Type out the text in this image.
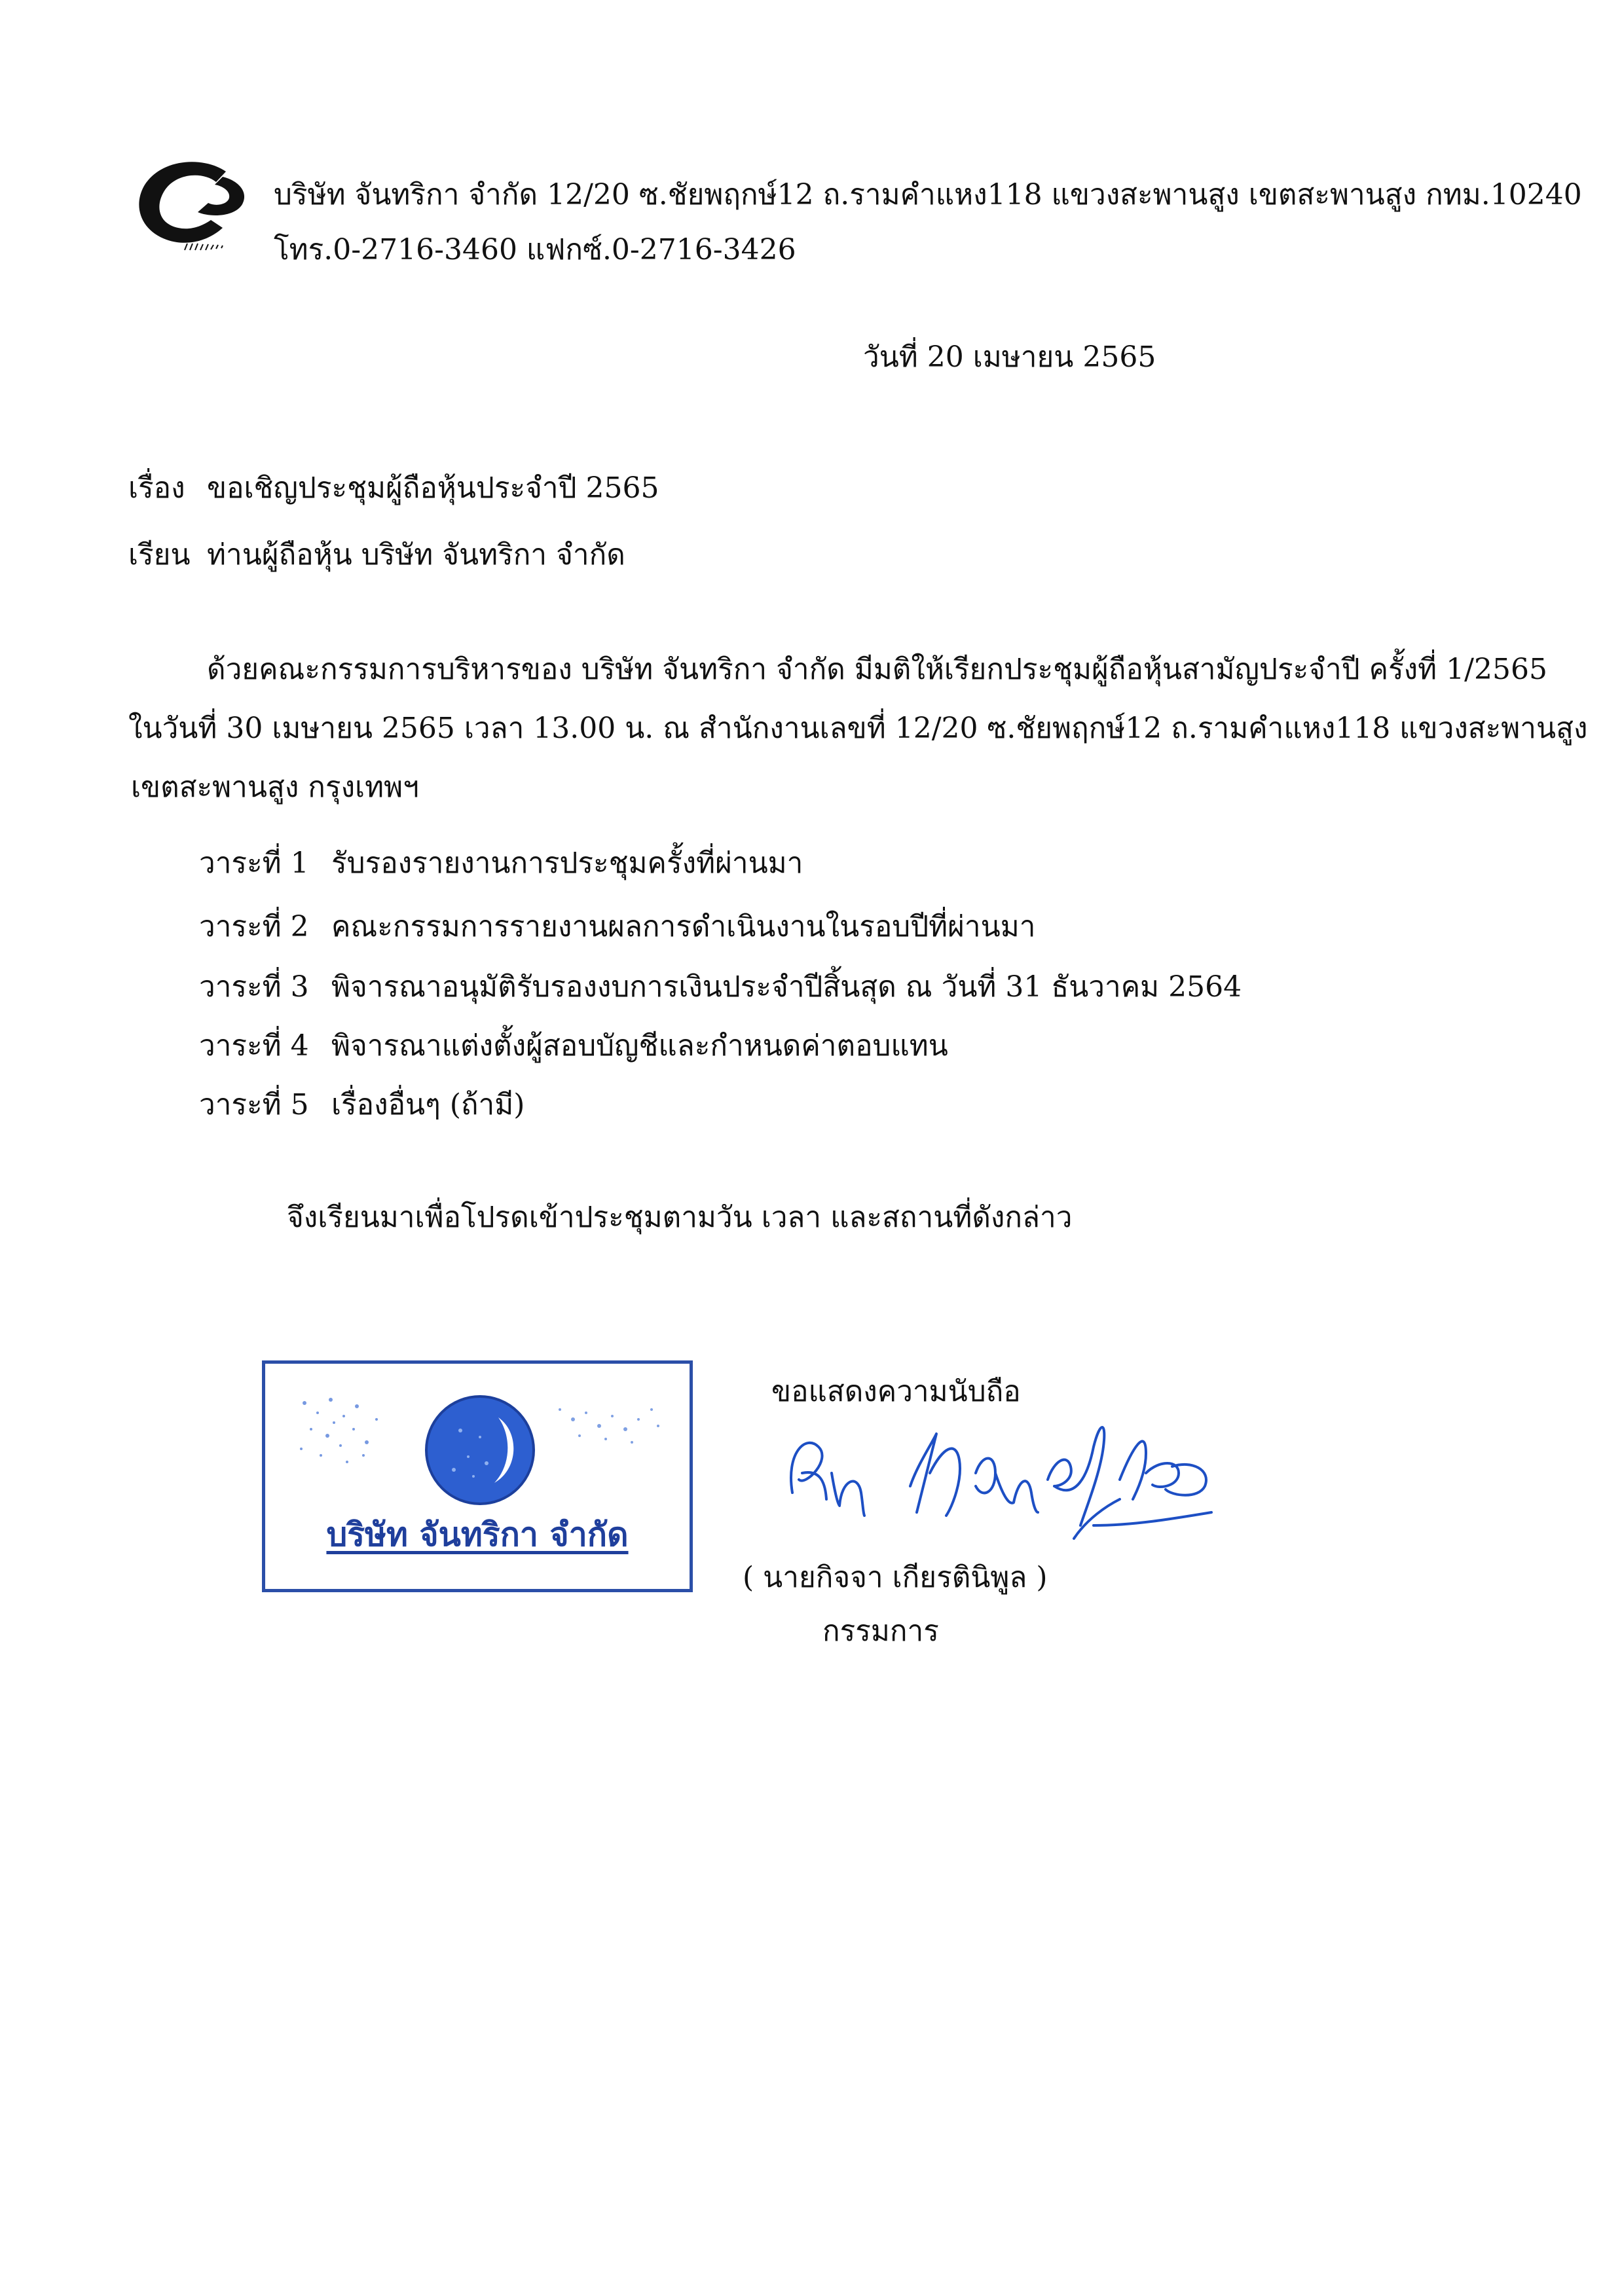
บริษัท จันทริกา จำกัด 12/20 ซ.ชัยพฤกษ์12 ถ.รามคำแหง118 แขวงสะพานสูง เขตสะพานสูง กทม.10240
โทร.0-2716-3460 แฟกซ์.0-2716-3426
วันที่ 20 เมษายน 2565
เรื่อง ขอเชิญประชุมผู้ถือหุ้นประจำปี 2565
เรียน ท่านผู้ถือหุ้น บริษัท จันทริกา จำกัด
ด้วยคณะกรรมการบริหารของ บริษัท จันทริกา จำกัด มีมติให้เรียกประชุมผู้ถือหุ้นสามัญประจำปี ครั้งที่ 1/2565
ในวันที่ 30 เมษายน 2565 เวลา 13.00 น. ณ สำนักงานเลขที่ 12/20 ซ.ชัยพฤกษ์12 ถ.รามคำแหง118 แขวงสะพานสูง
เขตสะพานสูง กรุงเทพฯ
วาระที่ 1 รับรองรายงานการประชุมครั้งที่ผ่านมา
วาระที่ 2 คณะกรรมการรายงานผลการดำเนินงานในรอบปีที่ผ่านมา
วาระที่ 3 พิจารณาอนุมัติรับรองงบการเงินประจำปีสิ้นสุด ณ วันที่ 31 ธันวาคม 2564
วาระที่ 4 พิจารณาแต่งตั้งผู้สอบบัญชีและกำหนดค่าตอบแทน
วาระที่ 5 เรื่องอื่นๆ (ถ้ามี)
จึงเรียนมาเพื่อโปรดเข้าประชุมตามวัน เวลา และสถานที่ดังกล่าว
บริษัท จันทริกา จำกัด
ขอแสดงความนับถือ
( นายกิจจา เกียรตินิพูล )
กรรมการ
